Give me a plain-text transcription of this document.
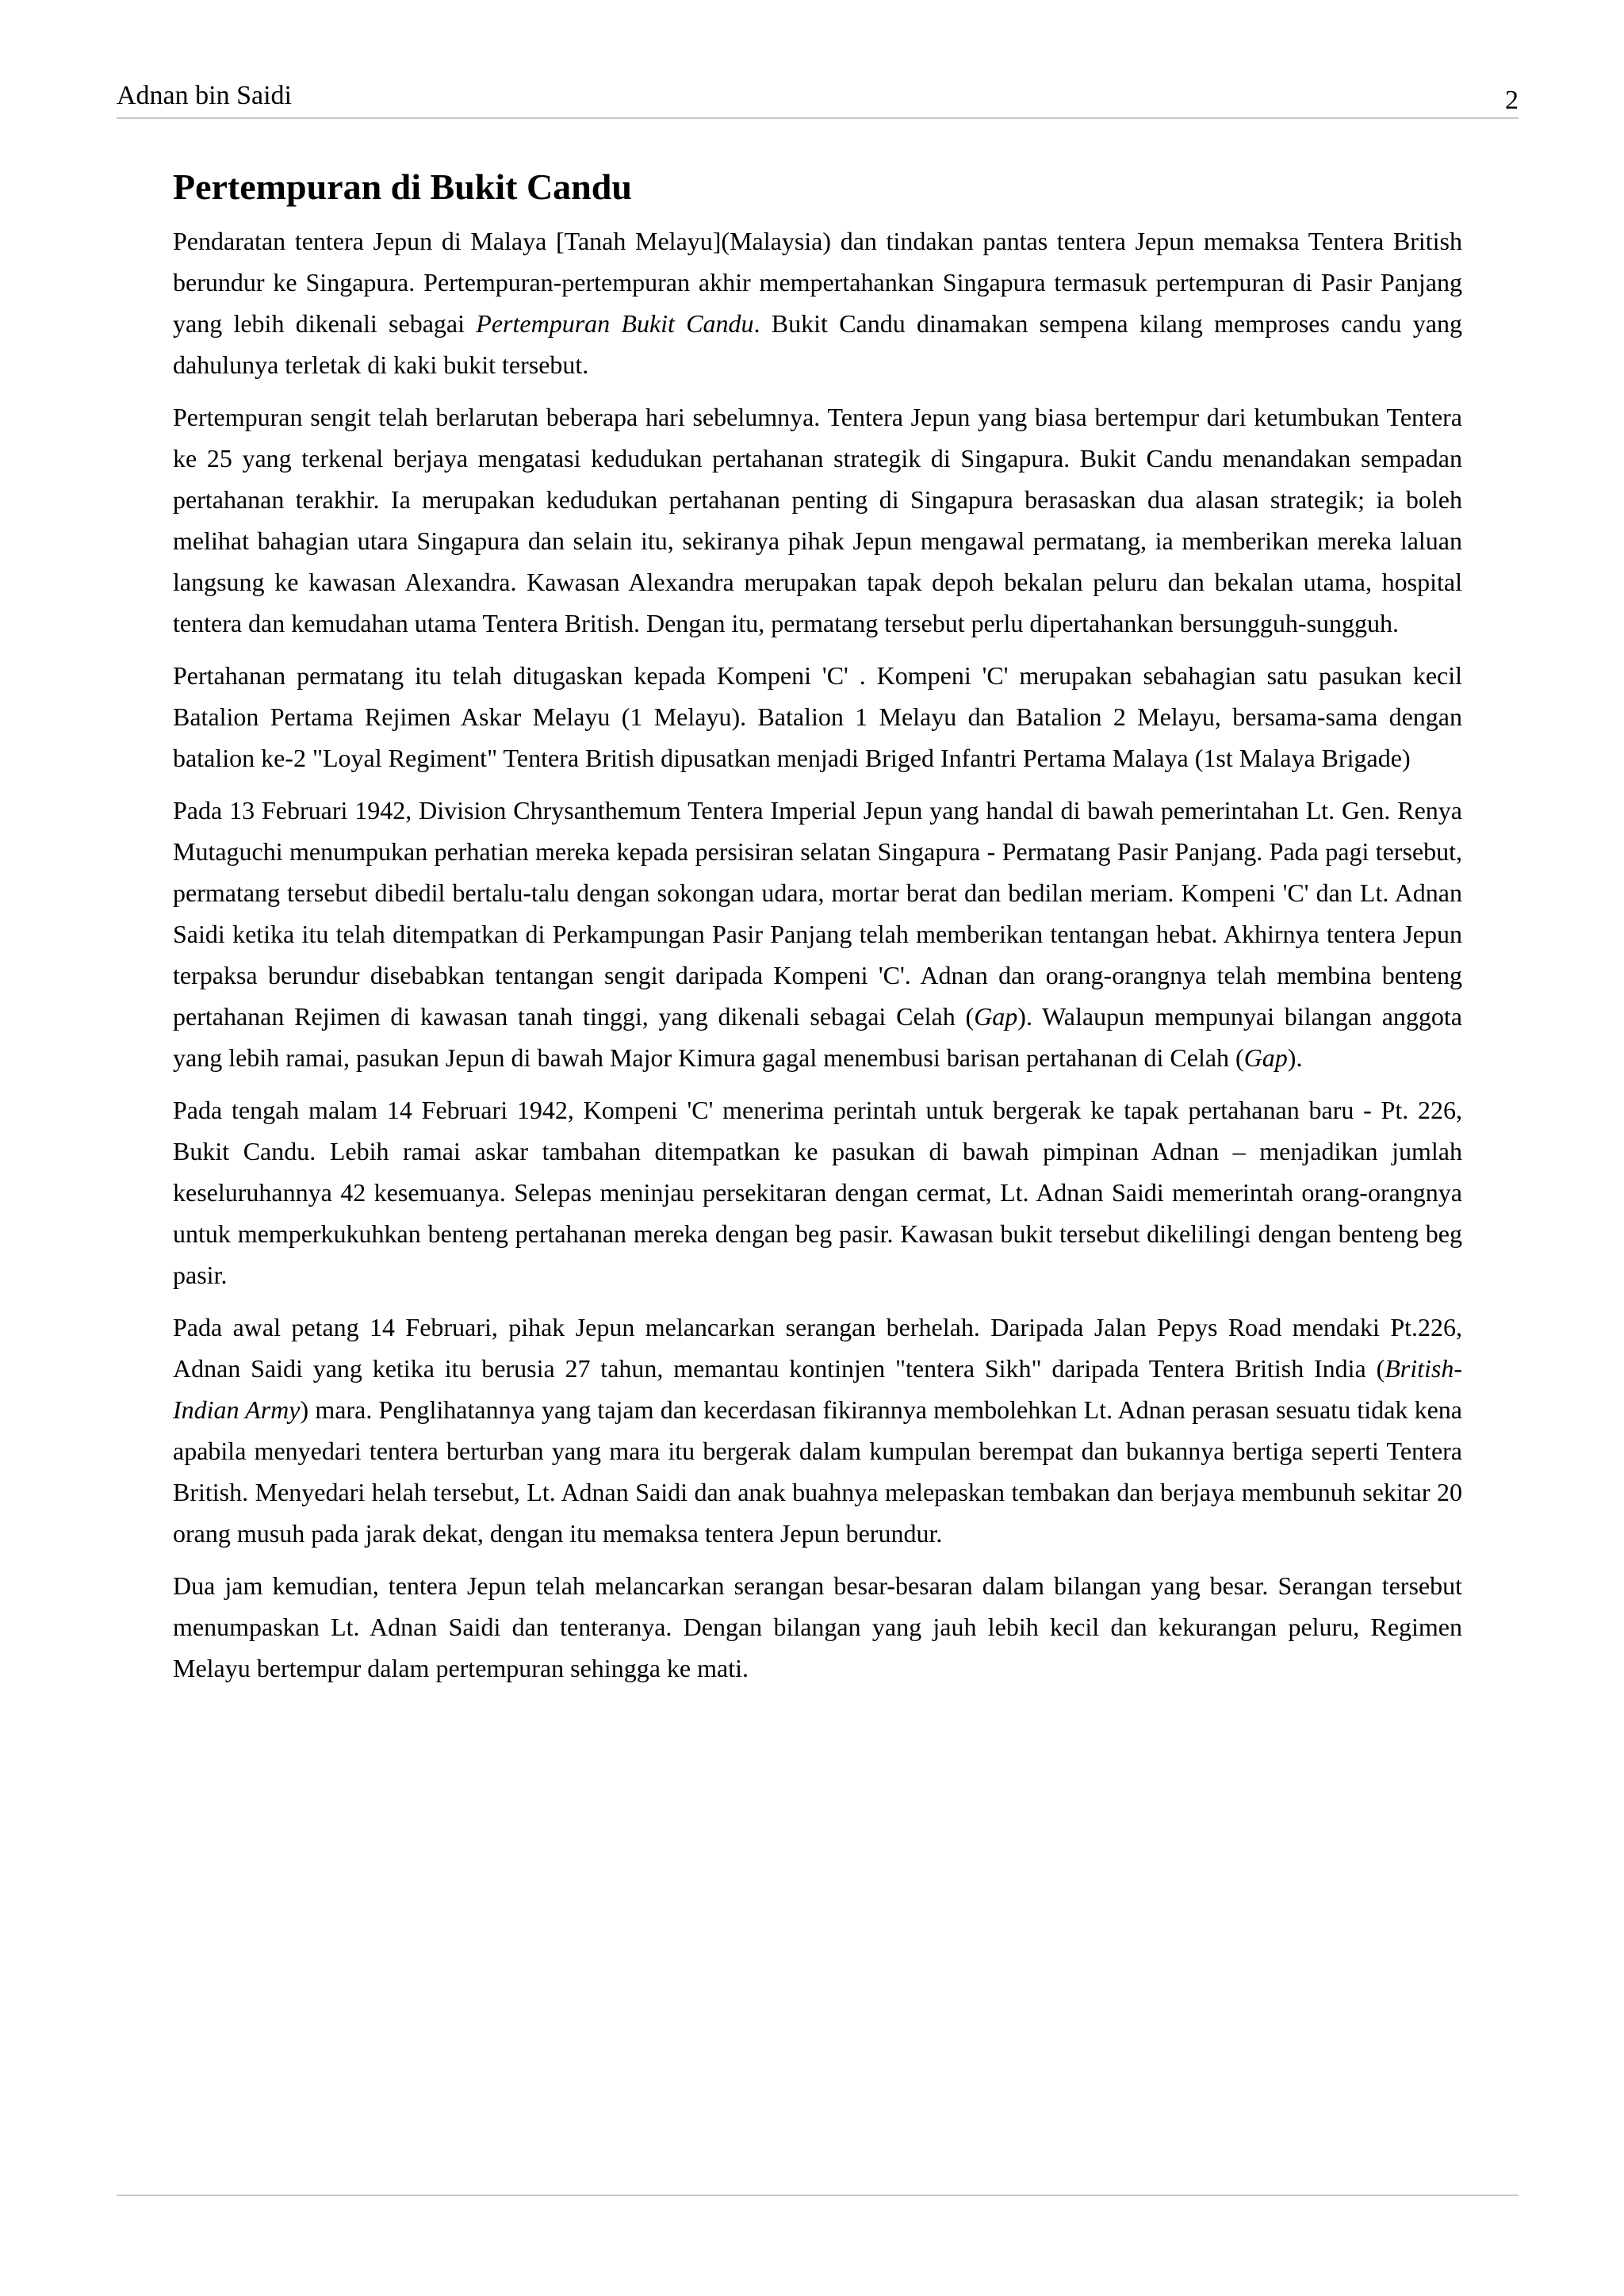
Adnan bin Saidi	2
Pertempuran di Bukit Candu

Pendaratan tentera Jepun di Malaya [Tanah Melayu](Malaysia) dan tindakan pantas tentera Jepun memaksa Tentera British berundur ke Singapura. Pertempuran-pertempuran akhir mempertahankan Singapura termasuk pertempuran di Pasir Panjang yang lebih dikenali sebagai Pertempuran Bukit Candu. Bukit Candu dinamakan sempena kilang memproses candu yang dahulunya terletak di kaki bukit tersebut.

Pertempuran sengit telah berlarutan beberapa hari sebelumnya. Tentera Jepun yang biasa bertempur dari ketumbukan Tentera ke 25 yang terkenal berjaya mengatasi kedudukan pertahanan strategik di Singapura. Bukit Candu menandakan sempadan pertahanan terakhir. Ia merupakan kedudukan pertahanan penting di Singapura berasaskan dua alasan strategik; ia boleh melihat bahagian utara Singapura dan selain itu, sekiranya pihak Jepun mengawal permatang, ia memberikan mereka laluan langsung ke kawasan Alexandra. Kawasan Alexandra merupakan tapak depoh bekalan peluru dan bekalan utama, hospital tentera dan kemudahan utama Tentera British. Dengan itu, permatang tersebut perlu dipertahankan bersungguh-sungguh.

Pertahanan permatang itu telah ditugaskan kepada Kompeni 'C' . Kompeni 'C' merupakan sebahagian satu pasukan kecil Batalion Pertama Rejimen Askar Melayu (1 Melayu). Batalion 1 Melayu dan Batalion 2 Melayu, bersama-sama dengan batalion ke-2 "Loyal Regiment" Tentera British dipusatkan menjadi Briged Infantri Pertama Malaya (1st Malaya Brigade)

Pada 13 Februari 1942, Division Chrysanthemum Tentera Imperial Jepun yang handal di bawah pemerintahan Lt. Gen. Renya Mutaguchi menumpukan perhatian mereka kepada persisiran selatan Singapura - Permatang Pasir Panjang. Pada pagi tersebut, permatang tersebut dibedil bertalu-talu dengan sokongan udara, mortar berat dan bedilan meriam. Kompeni 'C' dan Lt. Adnan Saidi ketika itu telah ditempatkan di Perkampungan Pasir Panjang telah memberikan tentangan hebat. Akhirnya tentera Jepun terpaksa berundur disebabkan tentangan sengit daripada Kompeni 'C'. Adnan dan orang-orangnya telah membina benteng pertahanan Rejimen di kawasan tanah tinggi, yang dikenali sebagai Celah (Gap). Walaupun mempunyai bilangan anggota yang lebih ramai, pasukan Jepun di bawah Major Kimura gagal menembusi barisan pertahanan di Celah (Gap).

Pada tengah malam 14 Februari 1942, Kompeni 'C' menerima perintah untuk bergerak ke tapak pertahanan baru - Pt. 226, Bukit Candu. Lebih ramai askar tambahan ditempatkan ke pasukan di bawah pimpinan Adnan – menjadikan jumlah keseluruhannya 42 kesemuanya. Selepas meninjau persekitaran dengan cermat, Lt. Adnan Saidi memerintah orang-orangnya untuk memperkukuhkan benteng pertahanan mereka dengan beg pasir. Kawasan bukit tersebut dikelilingi dengan benteng beg pasir.

Pada awal petang 14 Februari, pihak Jepun melancarkan serangan berhelah. Daripada Jalan Pepys Road mendaki Pt.226, Adnan Saidi yang ketika itu berusia 27 tahun, memantau kontinjen "tentera Sikh" daripada Tentera British India (British-Indian Army) mara. Penglihatannya yang tajam dan kecerdasan fikirannya membolehkan Lt. Adnan perasan sesuatu tidak kena apabila menyedari tentera berturban yang mara itu bergerak dalam kumpulan berempat dan bukannya bertiga seperti Tentera British. Menyedari helah tersebut, Lt. Adnan Saidi dan anak buahnya melepaskan tembakan dan berjaya membunuh sekitar 20 orang musuh pada jarak dekat, dengan itu memaksa tentera Jepun berundur.

Dua jam kemudian, tentera Jepun telah melancarkan serangan besar-besaran dalam bilangan yang besar. Serangan tersebut menumpaskan Lt. Adnan Saidi dan tenteranya. Dengan bilangan yang jauh lebih kecil dan kekurangan peluru, Regimen Melayu bertempur dalam pertempuran sehingga ke mati.
